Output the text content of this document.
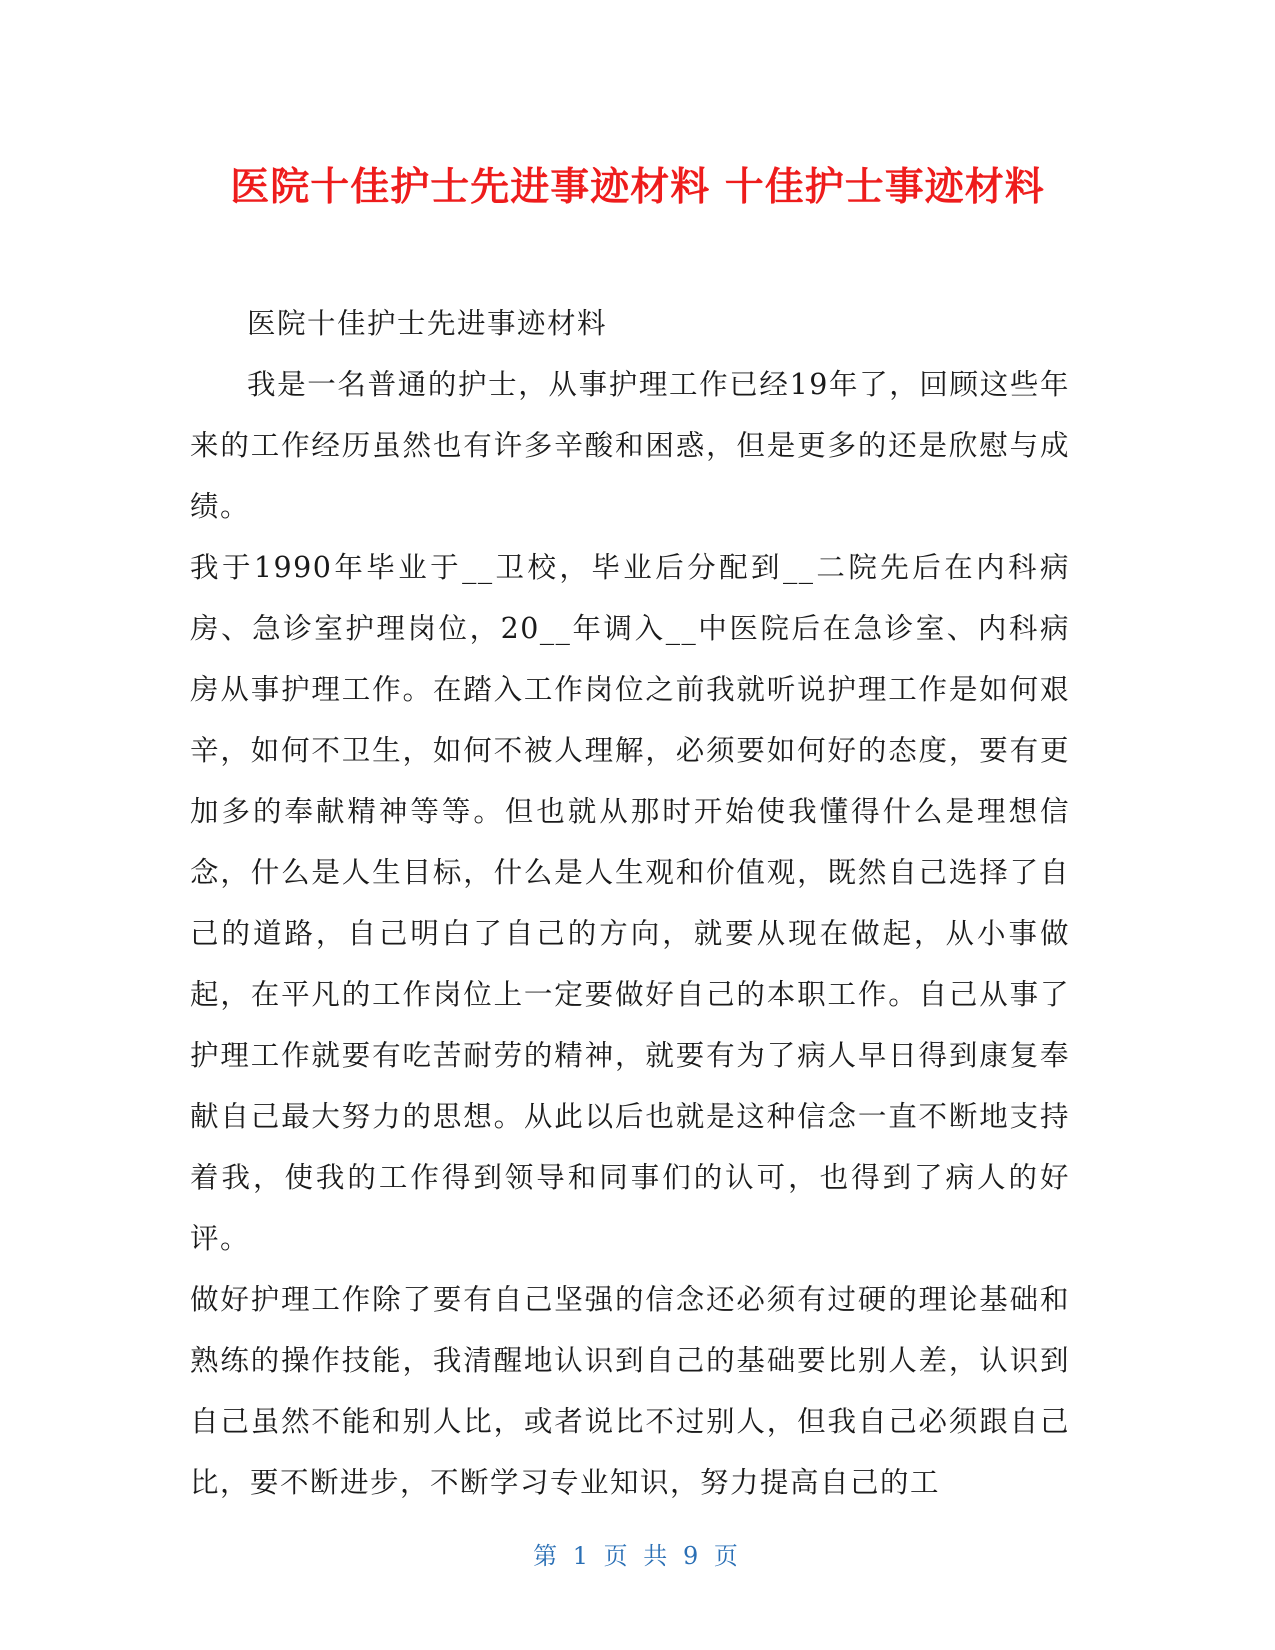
医院十佳护士先进事迹材料 十佳护士事迹材料

医院十佳护士先进事迹材料

我是一名普通的护士，从事护理工作已经19年了，回顾这些年来的工作经历虽然也有许多辛酸和困惑，但是更多的还是欣慰与成绩。

我于1990年毕业于__卫校，毕业后分配到__二院先后在内科病房、急诊室护理岗位，20__年调入__中医院后在急诊室、内科病房从事护理工作。在踏入工作岗位之前我就听说护理工作是如何艰辛，如何不卫生，如何不被人理解，必须要如何好的态度，要有更加多的奉献精神等等。但也就从那时开始使我懂得什么是理想信念，什么是人生目标，什么是人生观和价值观，既然自己选择了自己的道路，自己明白了自己的方向，就要从现在做起，从小事做起，在平凡的工作岗位上一定要做好自己的本职工作。自己从事了护理工作就要有吃苦耐劳的精神，就要有为了病人早日得到康复奉献自己最大努力的思想。从此以后也就是这种信念一直不断地支持着我，使我的工作得到领导和同事们的认可，也得到了病人的好评。

做好护理工作除了要有自己坚强的信念还必须有过硬的理论基础和熟练的操作技能，我清醒地认识到自己的基础要比别人差，认识到自己虽然不能和别人比，或者说比不过别人，但我自己必须跟自己比，要不断进步，不断学习专业知识，努力提高自己的工

第 1 页 共 9 页
